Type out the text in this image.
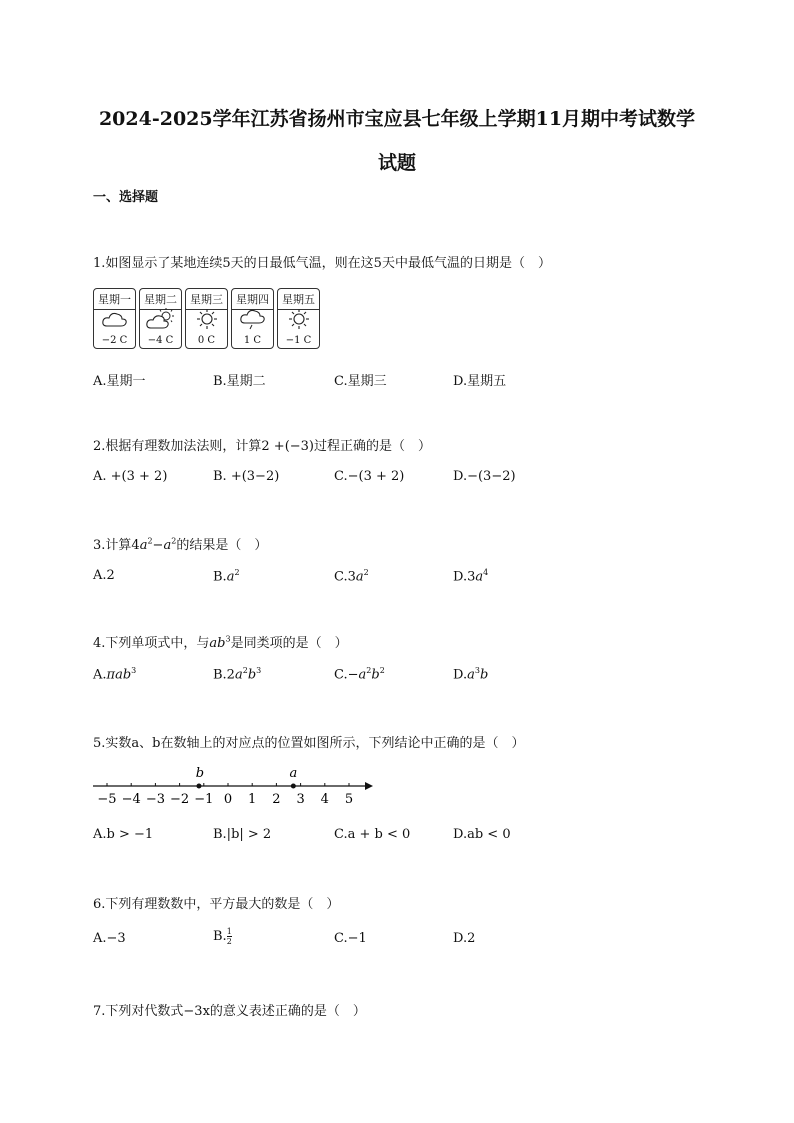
2024-2025学年江苏省扬州市宝应县七年级上学期11月期中考试数学
试题
一、选择题
1.如图显示了某地连续5天的日最低气温，则在这5天中最低气温的日期是（　）
星期一
−2 C
星期二
−4 C
星期三
0 C
星期四
1 C
星期五
−1 C
A.星期一	B.星期二	C.星期三	D.星期五
2.根据有理数加法法则，计算2 +(−3)过程正确的是（　）
A. +(3 + 2)	B. +(3−2)	C.−(3 + 2)	D.−(3−2)
3.计算$4a^2-a^2$的结果是（　）
A.2	$B.a^2$	$C.3a^2$	$D.3a^4$
4.下列单项式中，与$ab^3$是同类项的是（　）
A.πab$^3$	$B.2a^2b^3$	$C.-a^2b^2$	$D.a^3b$
5.实数a、b在数轴上的对应点的位置如图所示，下列结论中正确的是（　）
−5 −4 −3 −2 −1 0 1 2 3 4 5
b	a
A.b > −1	B.|b| > 2	C.a + b < 0	D.ab < 0
6.下列有理数数中，平方最大的数是（　）
A.−3	B. $\frac{1}{2}$	C.−1	D.2
7.下列对代数式−3x的意义表述正确的是（　）
